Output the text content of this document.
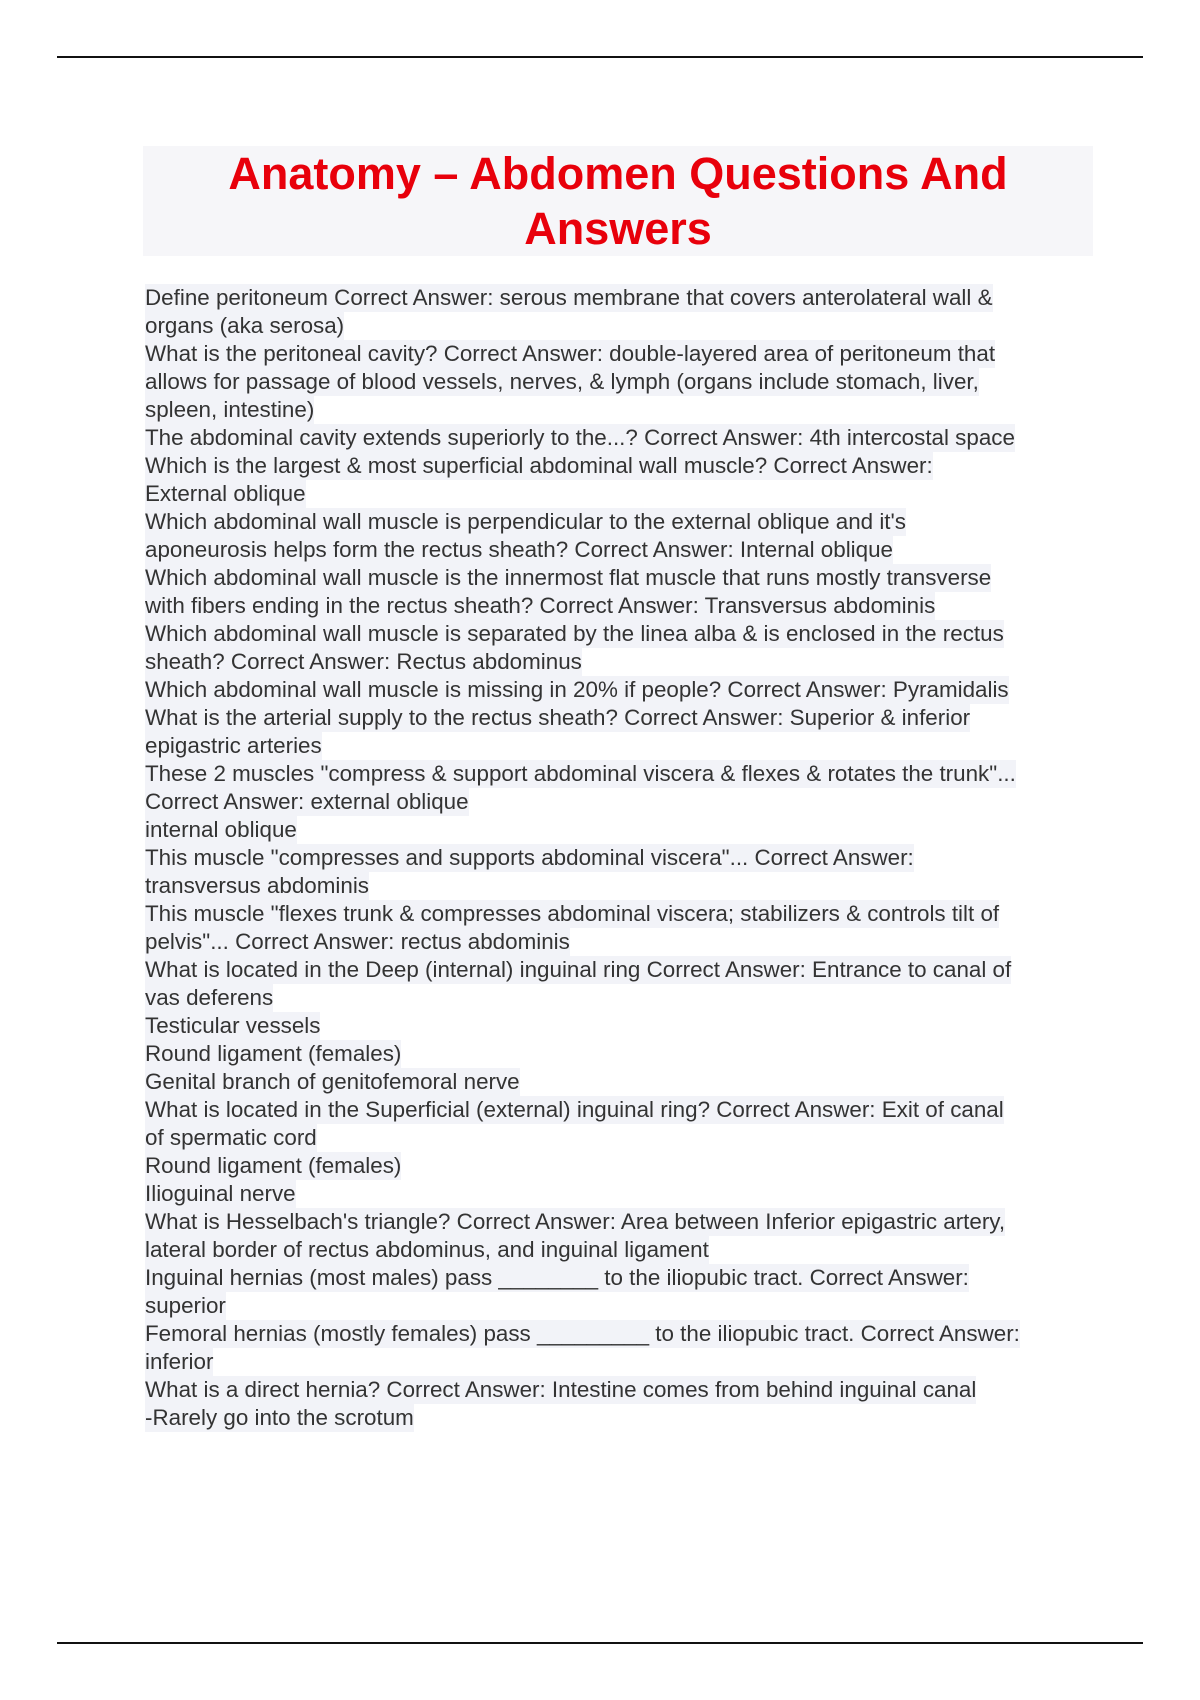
Anatomy – Abdomen Questions And
Answers

Define peritoneum Correct Answer: serous membrane that covers anterolateral wall &

organs (aka serosa)

What is the peritoneal cavity? Correct Answer: double-layered area of peritoneum that

allows for passage of blood vessels, nerves, & lymph (organs include stomach, liver,

spleen, intestine)

The abdominal cavity extends superiorly to the...? Correct Answer: 4th intercostal space

Which is the largest & most superficial abdominal wall muscle? Correct Answer:

External oblique

Which abdominal wall muscle is perpendicular to the external oblique and it's

aponeurosis helps form the rectus sheath? Correct Answer: Internal oblique

Which abdominal wall muscle is the innermost flat muscle that runs mostly transverse

with fibers ending in the rectus sheath? Correct Answer: Transversus abdominis

Which abdominal wall muscle is separated by the linea alba & is enclosed in the rectus

sheath? Correct Answer: Rectus abdominus

Which abdominal wall muscle is missing in 20% if people? Correct Answer: Pyramidalis

What is the arterial supply to the rectus sheath? Correct Answer: Superior & inferior

epigastric arteries

These 2 muscles "compress & support abdominal viscera & flexes & rotates the trunk"...

Correct Answer: external oblique

internal oblique

This muscle "compresses and supports abdominal viscera"... Correct Answer:

transversus abdominis

This muscle "flexes trunk & compresses abdominal viscera; stabilizers & controls tilt of

pelvis"... Correct Answer: rectus abdominis

What is located in the Deep (internal) inguinal ring Correct Answer: Entrance to canal of

vas deferens

Testicular vessels

Round ligament (females)

Genital branch of genitofemoral nerve

What is located in the Superficial (external) inguinal ring? Correct Answer: Exit of canal

of spermatic cord

Round ligament (females)

Ilioguinal nerve

What is Hesselbach's triangle? Correct Answer: Area between Inferior epigastric artery,

lateral border of rectus abdominus, and inguinal ligament

Inguinal hernias (most males) pass ________ to the iliopubic tract. Correct Answer:

superior

Femoral hernias (mostly females) pass _________ to the iliopubic tract. Correct Answer:

inferior

What is a direct hernia? Correct Answer: Intestine comes from behind inguinal canal

-Rarely go into the scrotum
